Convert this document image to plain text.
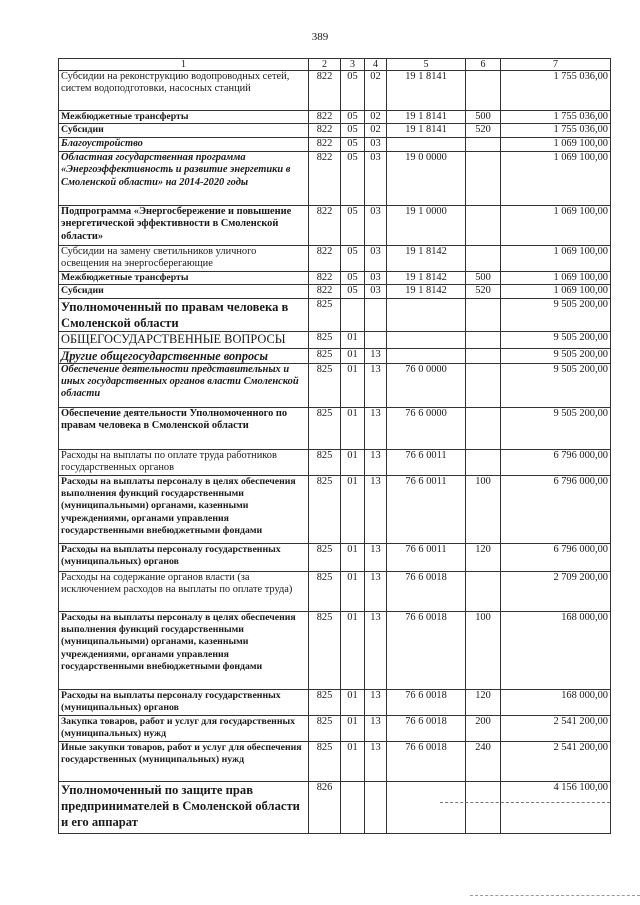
389
1	2	3	4	5	6	7
Субсидии на реконструкцию водопроводных сетей, систем водоподготовки, насосных станций	822	05	02	19 1 8141		1 755 036,00
Межбюджетные трансферты	822	05	02	19 1 8141	500	1 755 036,00
Субсидии	822	05	02	19 1 8141	520	1 755 036,00
Благоустройство	822	05	03			1 069 100,00
Областная государственная программа «Энергоэффективность и развитие энергетики в Смоленской области» на 2014-2020 годы	822	05	03	19 0 0000		1 069 100,00
Подпрограмма «Энергосбережение и повышение энергетической эффективности в Смоленской области»	822	05	03	19 1 0000		1 069 100,00
Субсидии на замену светильников уличного освещения на энергосберегающие	822	05	03	19 1 8142		1 069 100,00
Межбюджетные трансферты	822	05	03	19 1 8142	500	1 069 100,00
Субсидии	822	05	03	19 1 8142	520	1 069 100,00
Уполномоченный по правам человека в Смоленской области	825					9 505 200,00
ОБЩЕГОСУДАРСТВЕННЫЕ ВОПРОСЫ	825	01				9 505 200,00
Другие общегосударственные вопросы	825	01	13			9 505 200,00
Обеспечение деятельности представительных и иных государственных органов власти Смоленской области	825	01	13	76 0 0000		9 505 200,00
Обеспечение деятельности Уполномоченного по правам человека в Смоленской области	825	01	13	76 6 0000		9 505 200,00
Расходы на выплаты по оплате труда работников государственных органов	825	01	13	76 6 0011		6 796 000,00
Расходы на выплаты персоналу в целях обеспечения выполнения функций государственными (муниципальными) органами, казенными учреждениями, органами управления государственными внебюджетными фондами	825	01	13	76 6 0011	100	6 796 000,00
Расходы на выплаты персоналу государственных (муниципальных) органов	825	01	13	76 6 0011	120	6 796 000,00
Расходы на содержание органов власти (за исключением расходов на выплаты по оплате труда)	825	01	13	76 6 0018		2 709 200,00
Расходы на выплаты персоналу в целях обеспечения выполнения функций государственными (муниципальными) органами, казенными учреждениями, органами управления государственными внебюджетными фондами	825	01	13	76 6 0018	100	168 000,00
Расходы на выплаты персоналу государственных (муниципальных) органов	825	01	13	76 6 0018	120	168 000,00
Закупка товаров, работ и услуг для государственных (муниципальных) нужд	825	01	13	76 6 0018	200	2 541 200,00
Иные закупки товаров, работ и услуг для обеспечения государственных (муниципальных) нужд	825	01	13	76 6 0018	240	2 541 200,00
Уполномоченный по защите прав предпринимателей в Смоленской области и его аппарат	826					4 156 100,00
